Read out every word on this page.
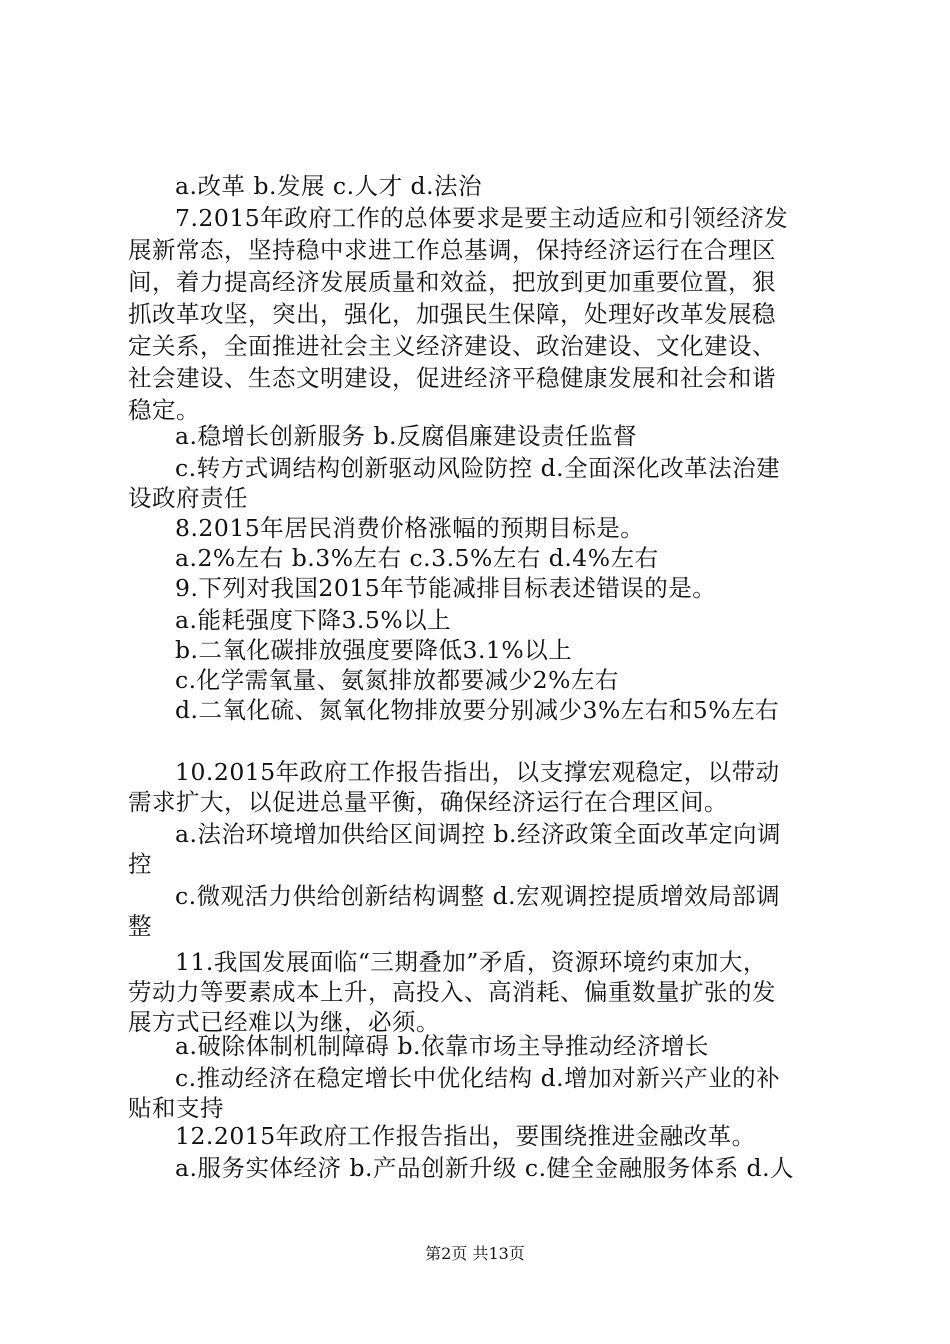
a.改革 b.发展 c.人才 d.法治
7.2015年政府工作的总体要求是要主动适应和引领经济发
展新常态，坚持稳中求进工作总基调，保持经济运行在合理区
间，着力提高经济发展质量和效益，把放到更加重要位置，狠
抓改革攻坚，突出，强化，加强民生保障，处理好改革发展稳
定关系，全面推进社会主义经济建设、政治建设、文化建设、
社会建设、生态文明建设，促进经济平稳健康发展和社会和谐
稳定。
a.稳增长创新服务 b.反腐倡廉建设责任监督
c.转方式调结构创新驱动风险防控 d.全面深化改革法治建
设政府责任
8.2015年居民消费价格涨幅的预期目标是。
a.2%左右 b.3%左右 c.3.5%左右 d.4%左右
9.下列对我国2015年节能减排目标表述错误的是。
a.能耗强度下降3.5%以上
b.二氧化碳排放强度要降低3.1%以上
c.化学需氧量、氨氮排放都要减少2%左右
d.二氧化硫、氮氧化物排放要分别减少3%左右和5%左右
10.2015年政府工作报告指出，以支撑宏观稳定，以带动
需求扩大，以促进总量平衡，确保经济运行在合理区间。
a.法治环境增加供给区间调控 b.经济政策全面改革定向调
控
c.微观活力供给创新结构调整 d.宏观调控提质增效局部调
整
11.我国发展面临“三期叠加”矛盾，资源环境约束加大，
劳动力等要素成本上升，高投入、高消耗、偏重数量扩张的发
展方式已经难以为继，必须。
a.破除体制机制障碍 b.依靠市场主导推动经济增长
c.推动经济在稳定增长中优化结构 d.增加对新兴产业的补
贴和支持
12.2015年政府工作报告指出，要围绕推进金融改革。
a.服务实体经济 b.产品创新升级 c.健全金融服务体系 d.人
第2页 共13页
